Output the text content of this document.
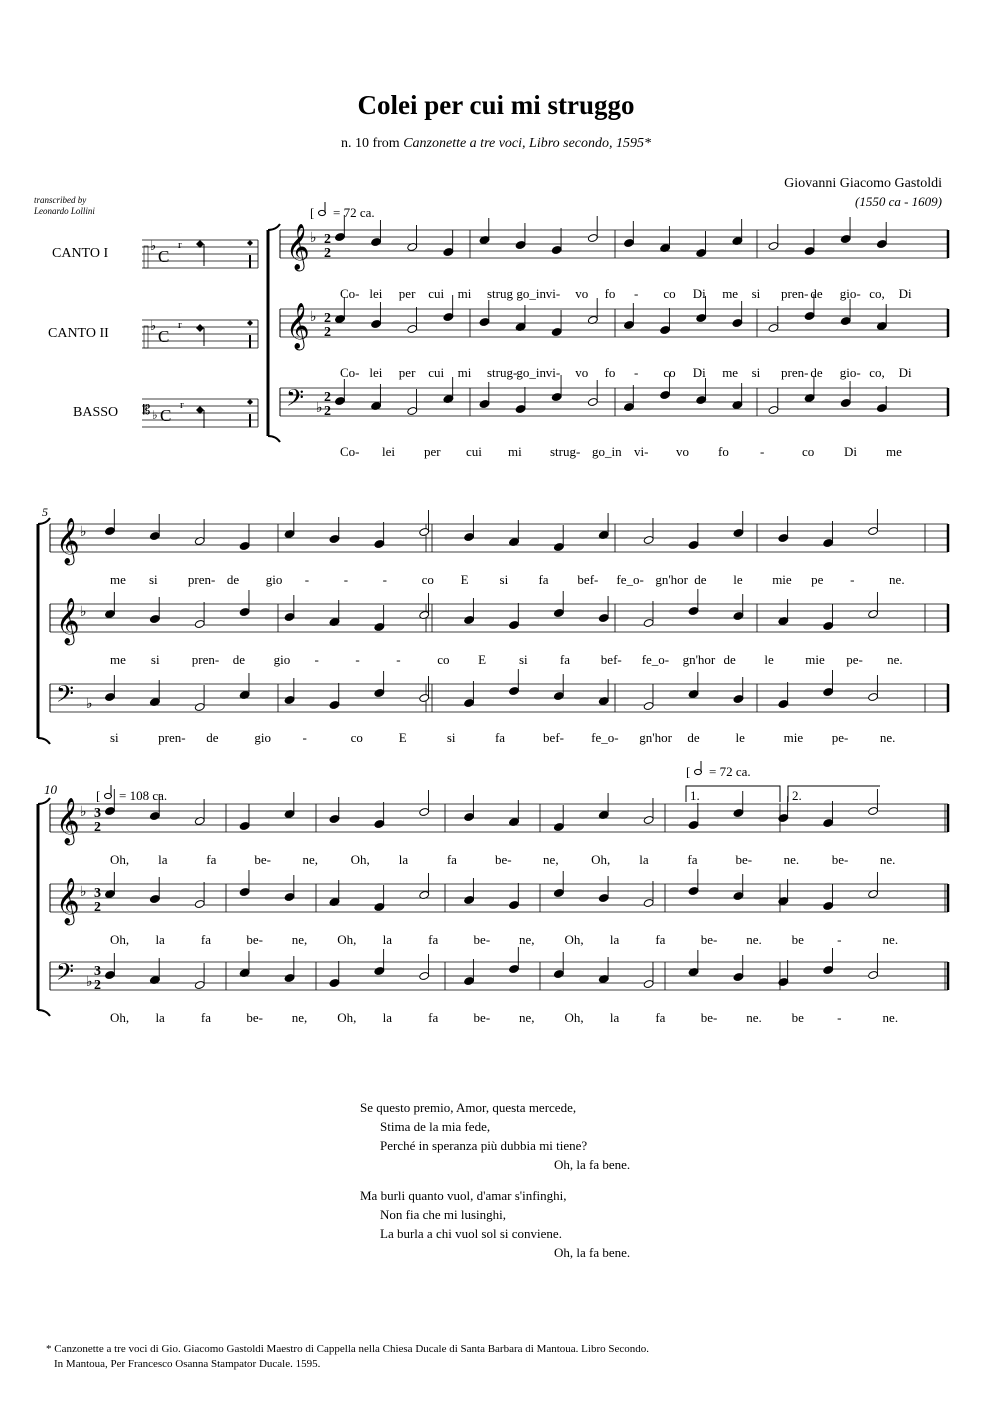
Colei per cui mi struggo
n. 10 from Canzonette a tre voci, Libro secondo, 1595*
Giovanni Giacomo Gastoldi
(1550 ca - 1609)
transcribed by
Leonardo Lollini
CANTO I
CANTO II
BASSO
♭
C
r
♭
C
r
𝄡 ♭ C
r
𝄞 ♭
𝄞 ♭
𝄢 ♭
2
2
2
2
2
2
𝄞 ♭
𝄞 ♭
𝄢 ♭
𝄞 ♭
𝄞 ♭
𝄢 ♭
3
2
3
2
3
2
[ = 72 ca.
[ = 108 ca.
[ = 72 ca.
5
10	1.	2.
Co- lei per cui mi strug go_in vi- vo fo - co Di me si pren- de gio- co, Di
Co- lei per cui mi strug- go_in vi- vo fo - co Di me si pren- de gio- co, Di
Co- lei per cui mi strug- go_in vi- vo fo -	co Di me
me si pren- de gio -	-	-	co E si fa bef- fe_o- gn'hor de le mie pe -	ne.
me si pren- de gio -	-	-	co E	si fa bef- fe_o- gn'hor de le mie pe- ne.
si	pren- de	gio -	co	E	si	fa	bef- fe_o- gn'hor de	le	mie pe- ne.
Oh, la	fa	be- ne,	Oh, la	fa	be- ne,	Oh, la	fa	be- ne.	be- ne.
Oh, la	fa	be- ne, Oh, la	fa	be- ne, Oh, la	fa	be- ne. be	-	ne.
Oh, la	fa	be- ne, Oh, la	fa	be- ne, Oh, la	fa	be- ne. be	-	ne.
Se questo premio, Amor, questa mercede,
Stima de la mia fede,
Perché in speranza più dubbia mi tiene?
Oh, la fa bene.
Ma burli quanto vuol, d'amar s'infinghi,
Non fia che mi lusinghi,
La burla a chi vuol sol si conviene.
Oh, la fa bene.
* Canzonette a tre voci di Gio. Giacomo Gastoldi Maestro di Cappella nella Chiesa Ducale di Santa Barbara di Mantoua. Libro Secondo.
In Mantoua, Per Francesco Osanna Stampator Ducale. 1595.
